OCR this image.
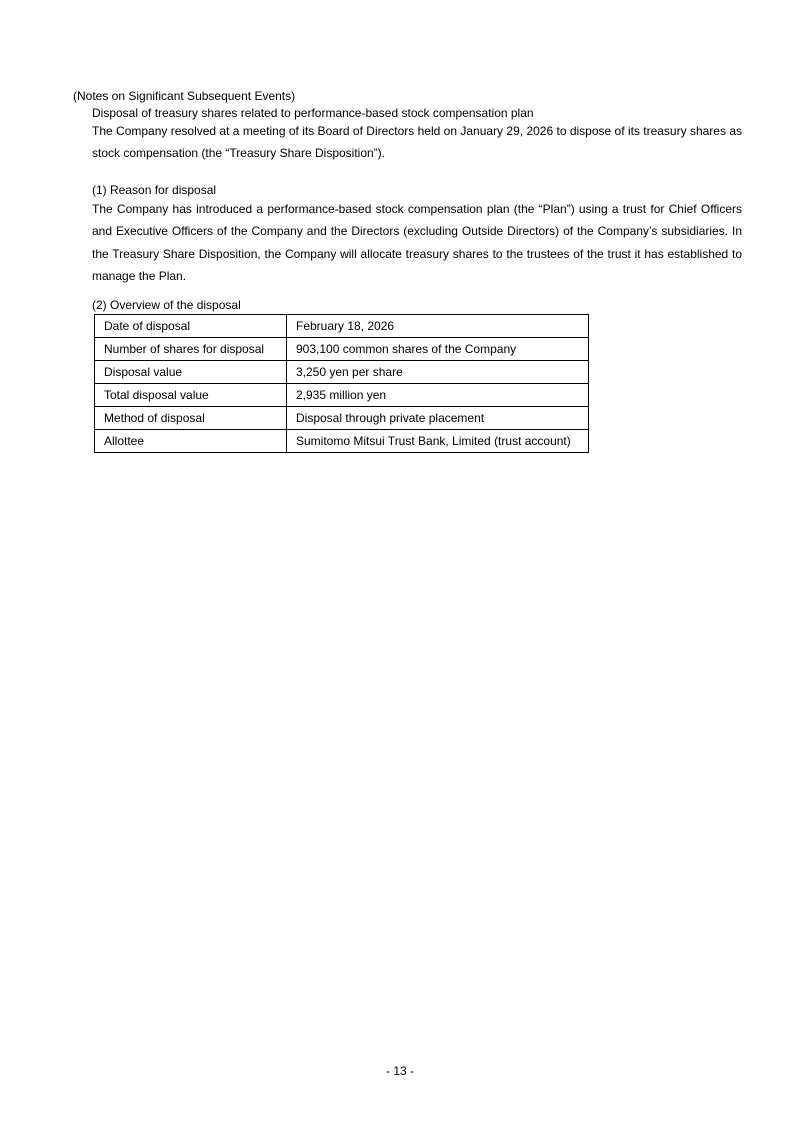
(Notes on Significant Subsequent Events)
Disposal of treasury shares related to performance-based stock compensation plan
The Company resolved at a meeting of its Board of Directors held on January 29, 2026 to dispose of its treasury shares as stock compensation (the “Treasury Share Disposition”).
(1) Reason for disposal
The Company has introduced a performance-based stock compensation plan (the “Plan”) using a trust for Chief Officers and Executive Officers of the Company and the Directors (excluding Outside Directors) of the Company’s subsidiaries. In the Treasury Share Disposition, the Company will allocate treasury shares to the trustees of the trust it has established to manage the Plan.
(2) Overview of the disposal
Date of disposal	February 18, 2026
Number of shares for disposal	903,100 common shares of the Company
Disposal value	3,250 yen per share
Total disposal value	2,935 million yen
Method of disposal	Disposal through private placement
Allottee	Sumitomo Mitsui Trust Bank, Limited (trust account)
- 13 -
